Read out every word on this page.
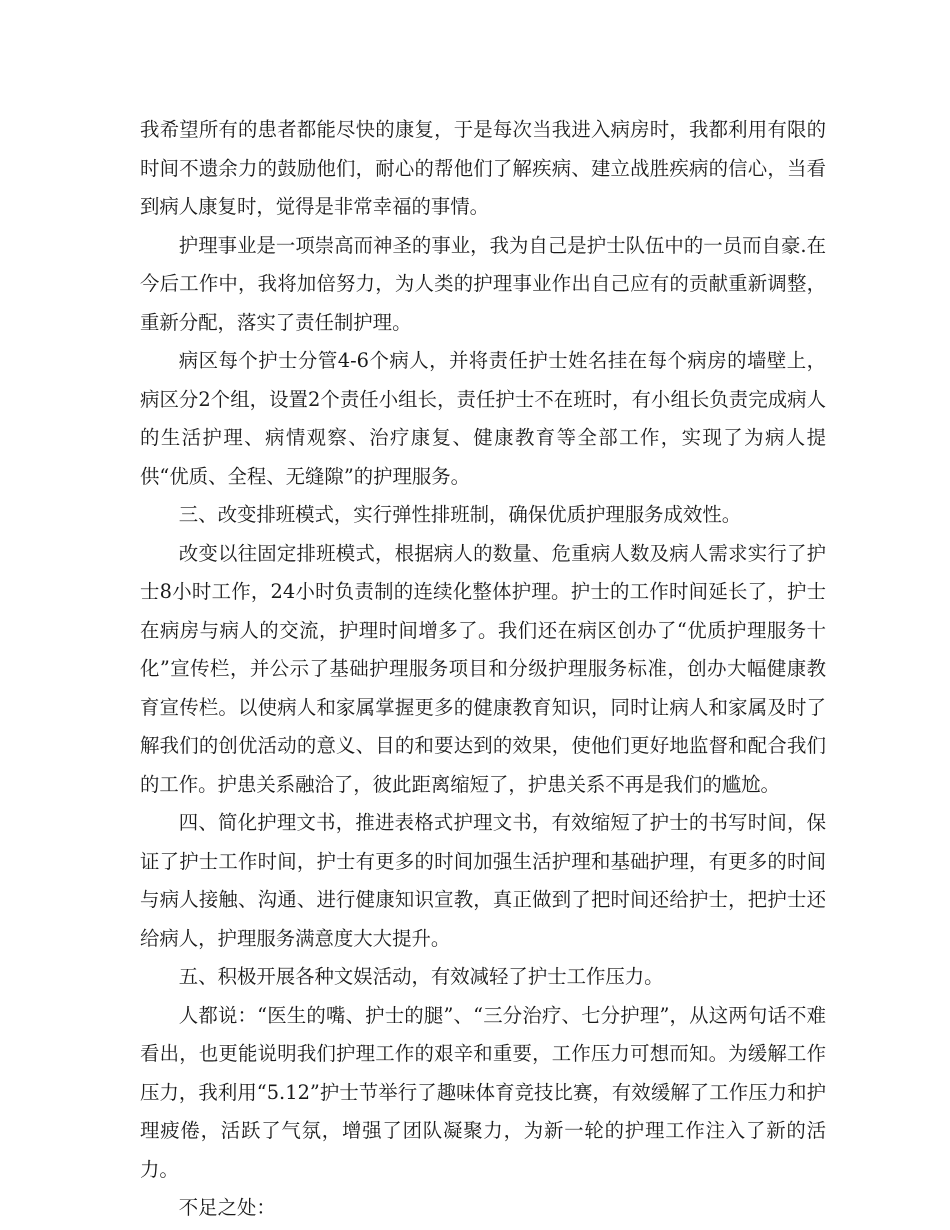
我希望所有的患者都能尽快的康复，于是每次当我进入病房时，我都利用有限的时间不遗余力的鼓励他们，耐心的帮他们了解疾病、建立战胜疾病的信心，当看到病人康复时，觉得是非常幸福的事情。

护理事业是一项崇高而神圣的事业，我为自己是护士队伍中的一员而自豪.在今后工作中，我将加倍努力，为人类的护理事业作出自己应有的贡献重新调整，重新分配，落实了责任制护理。

病区每个护士分管4-6个病人，并将责任护士姓名挂在每个病房的墙壁上，病区分2个组，设置2个责任小组长，责任护士不在班时，有小组长负责完成病人的生活护理、病情观察、治疗康复、健康教育等全部工作，实现了为病人提供“优质、全程、无缝隙”的护理服务。

三、改变排班模式，实行弹性排班制，确保优质护理服务成效性。

改变以往固定排班模式，根据病人的数量、危重病人数及病人需求实行了护士8小时工作，24小时负责制的连续化整体护理。护士的工作时间延长了，护士在病房与病人的交流，护理时间增多了。我们还在病区创办了“优质护理服务十化”宣传栏，并公示了基础护理服务项目和分级护理服务标准，创办大幅健康教育宣传栏。以使病人和家属掌握更多的健康教育知识，同时让病人和家属及时了解我们的创优活动的意义、目的和要达到的效果，使他们更好地监督和配合我们的工作。护患关系融洽了，彼此距离缩短了，护患关系不再是我们的尴尬。

四、简化护理文书，推进表格式护理文书，有效缩短了护士的书写时间，保证了护士工作时间，护士有更多的时间加强生活护理和基础护理，有更多的时间与病人接触、沟通、进行健康知识宣教，真正做到了把时间还给护士，把护士还给病人，护理服务满意度大大提升。

五、积极开展各种文娱活动，有效减轻了护士工作压力。

人都说：“医生的嘴、护士的腿”、“三分治疗、七分护理”，从这两句话不难看出，也更能说明我们护理工作的艰辛和重要，工作压力可想而知。为缓解工作压力，我利用“5.12”护士节举行了趣味体育竞技比赛，有效缓解了工作压力和护理疲倦，活跃了气氛，增强了团队凝聚力，为新一轮的护理工作注入了新的活力。

不足之处：
